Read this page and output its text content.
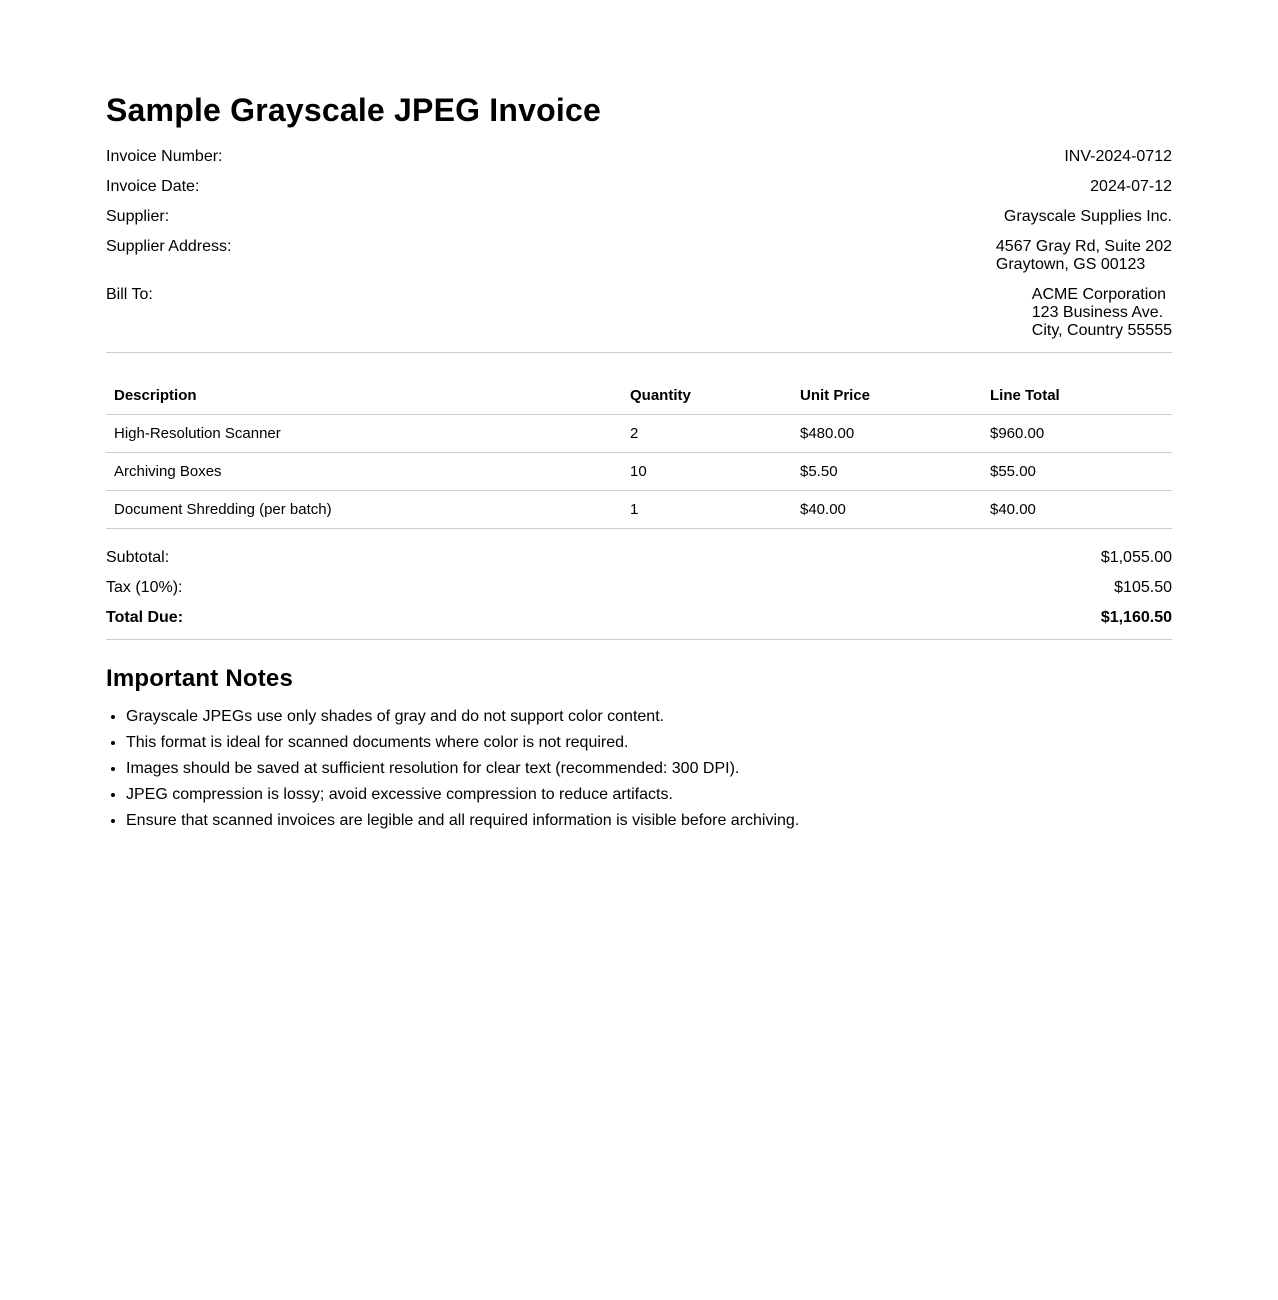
Sample Grayscale JPEG Invoice
Invoice Number:	INV-2024-0712
Invoice Date:	2024-07-12
Supplier:	Grayscale Supplies Inc.
Supplier Address:	4567 Gray Rd, Suite 202
Graytown, GS 00123
Bill To:	ACME Corporation
123 Business Ave.
City, Country 55555
Description	Quantity	Unit Price	Line Total
High-Resolution Scanner	2	$480.00	$960.00
Archiving Boxes	10	$5.50	$55.00
Document Shredding (per batch)	1	$40.00	$40.00
Subtotal:	$1,055.00
Tax (10%):	$105.50
Total Due:	$1,160.50
Important Notes
• Grayscale JPEGs use only shades of gray and do not support color content.
• This format is ideal for scanned documents where color is not required.
• Images should be saved at sufficient resolution for clear text (recommended: 300 DPI).
• JPEG compression is lossy; avoid excessive compression to reduce artifacts.
• Ensure that scanned invoices are legible and all required information is visible before archiving.
